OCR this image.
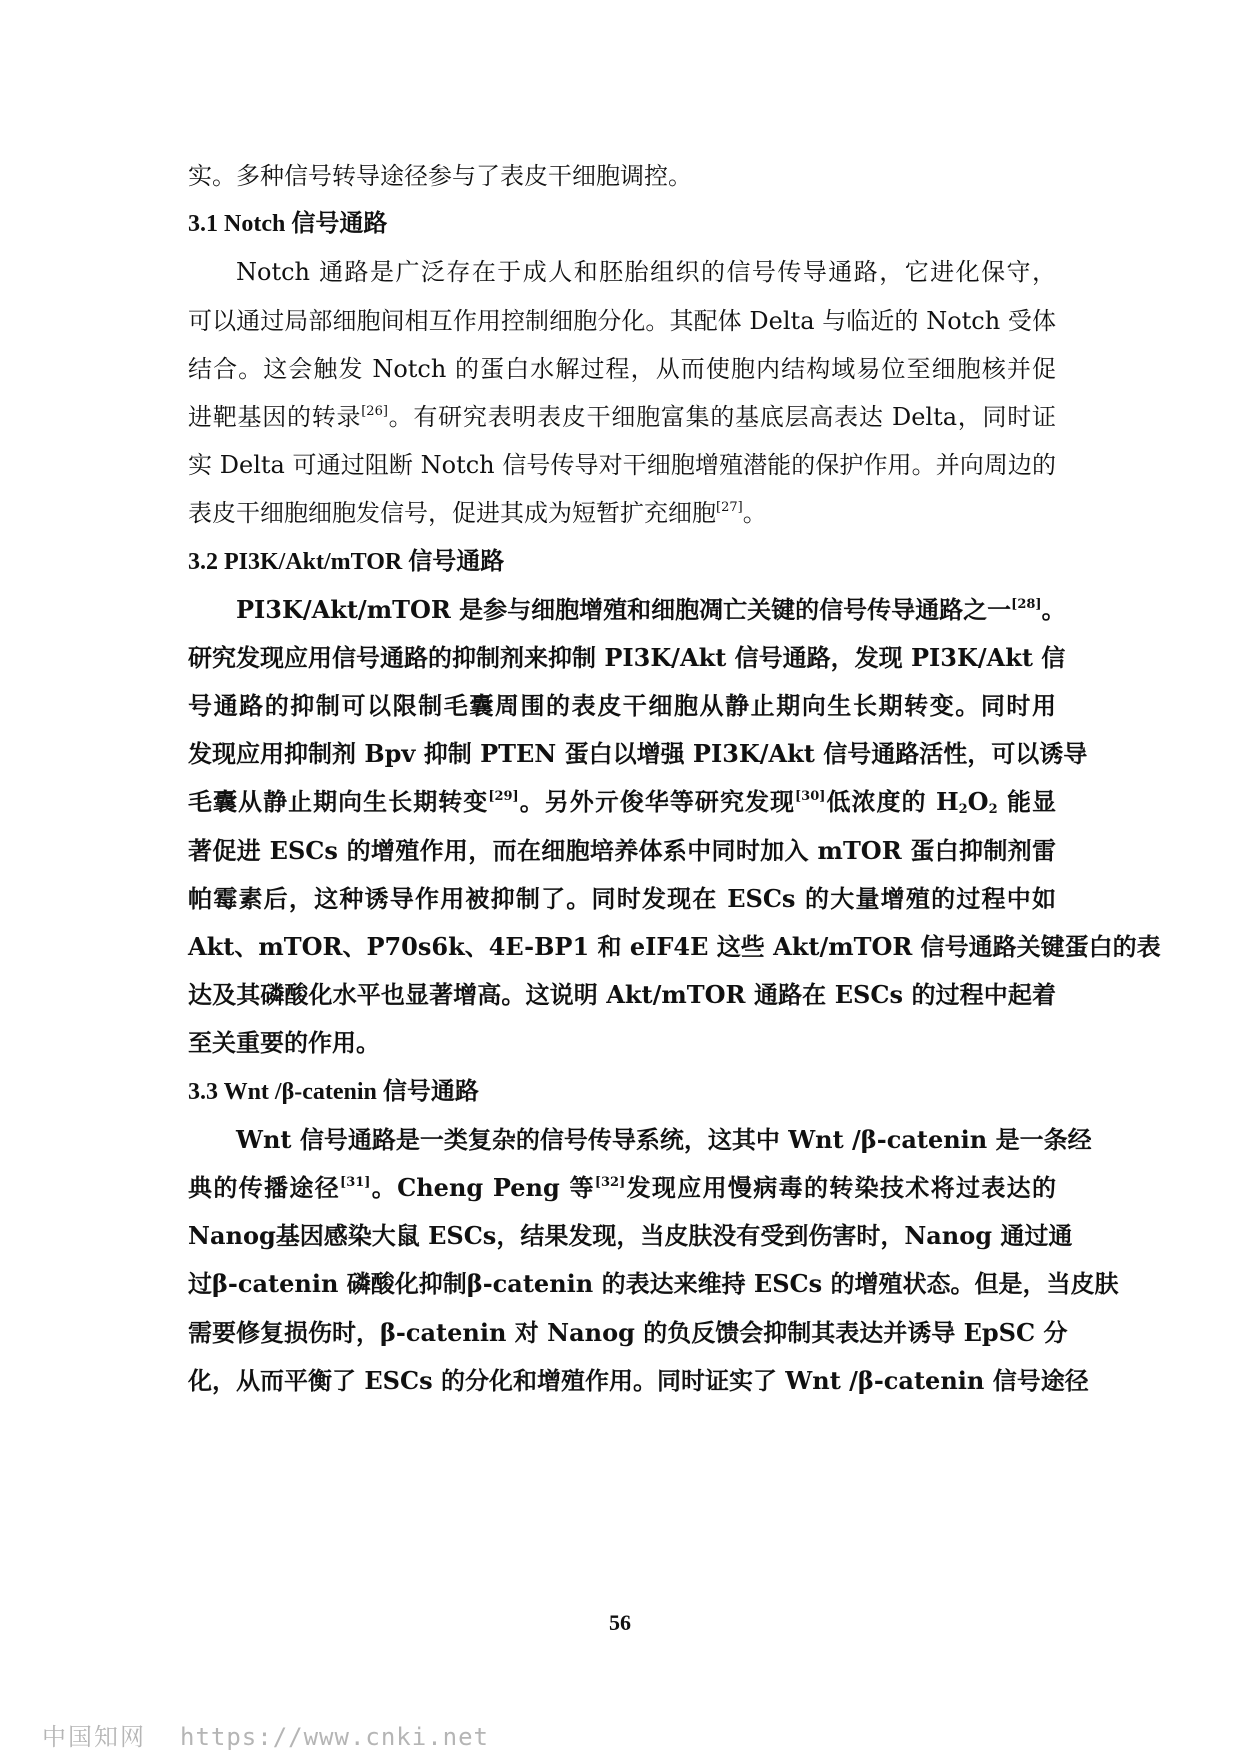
实。多种信号转导途径参与了表皮干细胞调控。
3.1 Notch 信号通路
Notch 通路是广泛存在于成人和胚胎组织的信号传导通路，它进化保守，
可以通过局部细胞间相互作用控制细胞分化。其配体 Delta 与临近的 Notch 受体
结合。这会触发 Notch 的蛋白水解过程，从而使胞内结构域易位至细胞核并促
进靶基因的转录[26]。有研究表明表皮干细胞富集的基底层高表达 Delta，同时证
实 Delta 可通过阻断 Notch 信号传导对干细胞增殖潜能的保护作用。并向周边的
表皮干细胞细胞发信号，促进其成为短暂扩充细胞[27]。
3.2 PI3K/Akt/mTOR 信号通路
PI3K/Akt/mTOR 是参与细胞增殖和细胞凋亡关键的信号传导通路之一[28]。
研究发现应用信号通路的抑制剂来抑制 PI3K/Akt 信号通路，发现 PI3K/Akt 信
号通路的抑制可以限制毛囊周围的表皮干细胞从静止期向生长期转变。同时用
发现应用抑制剂 Bpv 抑制 PTEN 蛋白以增强 PI3K/Akt 信号通路活性，可以诱导
毛囊从静止期向生长期转变[29]。另外亓俊华等研究发现[30]低浓度的 $H_2O_2$ 能显
著促进 ESCs 的增殖作用，而在细胞培养体系中同时加入 mTOR 蛋白抑制剂雷
帕霉素后，这种诱导作用被抑制了。同时发现在 ESCs 的大量增殖的过程中如
Akt、mTOR、P70s6k、4E-BP1 和 eIF4E 这些 Akt/mTOR 信号通路关键蛋白的表
达及其磷酸化水平也显著增高。这说明 Akt/mTOR 通路在 ESCs 的过程中起着
至关重要的作用。
3.3 Wnt /β-catenin 信号通路
Wnt 信号通路是一类复杂的信号传导系统，这其中 Wnt /β-catenin 是一条经
典的传播途径[31]。Cheng Peng 等[32]发现应用慢病毒的转染技术将过表达的
Nanog基因感染大鼠 ESCs，结果发现，当皮肤没有受到伤害时，Nanog 通过通
过β-catenin 磷酸化抑制β-catenin 的表达来维持 ESCs 的增殖状态。但是，当皮肤
需要修复损伤时，β-catenin 对 Nanog 的负反馈会抑制其表达并诱导 EpSC 分
化，从而平衡了 ESCs 的分化和增殖作用。同时证实了 Wnt /β-catenin 信号途径
56
中国知网 https://www.cnki.net
